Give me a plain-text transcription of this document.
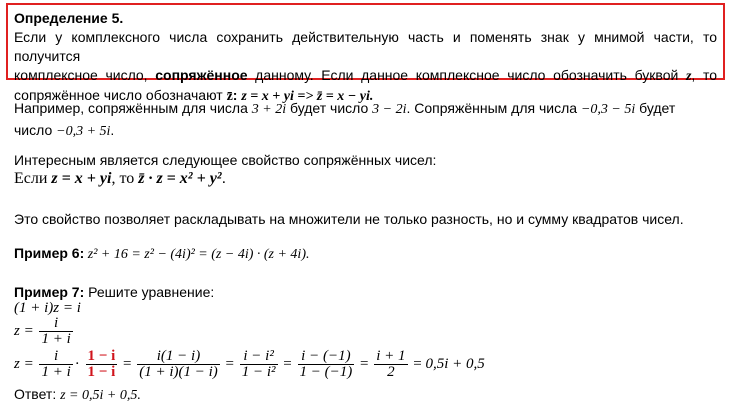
Определение 5.
Если у комплексного числа сохранить действительную часть и поменять знак у мнимой части, то получится
комплексное число, сопряжённое данному. Если данное комплексное число обозначить буквой z, то
сопряжённое число обозначают z̄: z = x + yi => z̄ = x − yi.
Например, сопряжённым для числа 3 + 2i будет число 3 − 2i. Сопряжённым для числа −0,3 − 5i будет
число −0,3 + 5i.
Интересным является следующее свойство сопряжённых чисел:
Если z = x + yi, то z̄ · z = x² + y².
Это свойство позволяет раскладывать на множители не только разность, но и сумму квадратов чисел.
Пример 6: z² + 16 = z² − (4i)² = (z − 4i) · (z + 4i).
Пример 7: Решите уравнение:
(1 + i)z = i
$z = \frac{i}{1 + i}$
$z = \frac{i}{1 + i} \cdot \frac{1 - i}{1 - i} = \frac{i(1 - i)}{(1 + i)(1 - i)} = \frac{\text{i − i²}}{\text{1 − i²}} = \frac{i - (-1)}{1 - (-1)} = \frac{i + 1}{2} = 0,5i + 0,5$
Ответ: z = 0,5i + 0,5.
